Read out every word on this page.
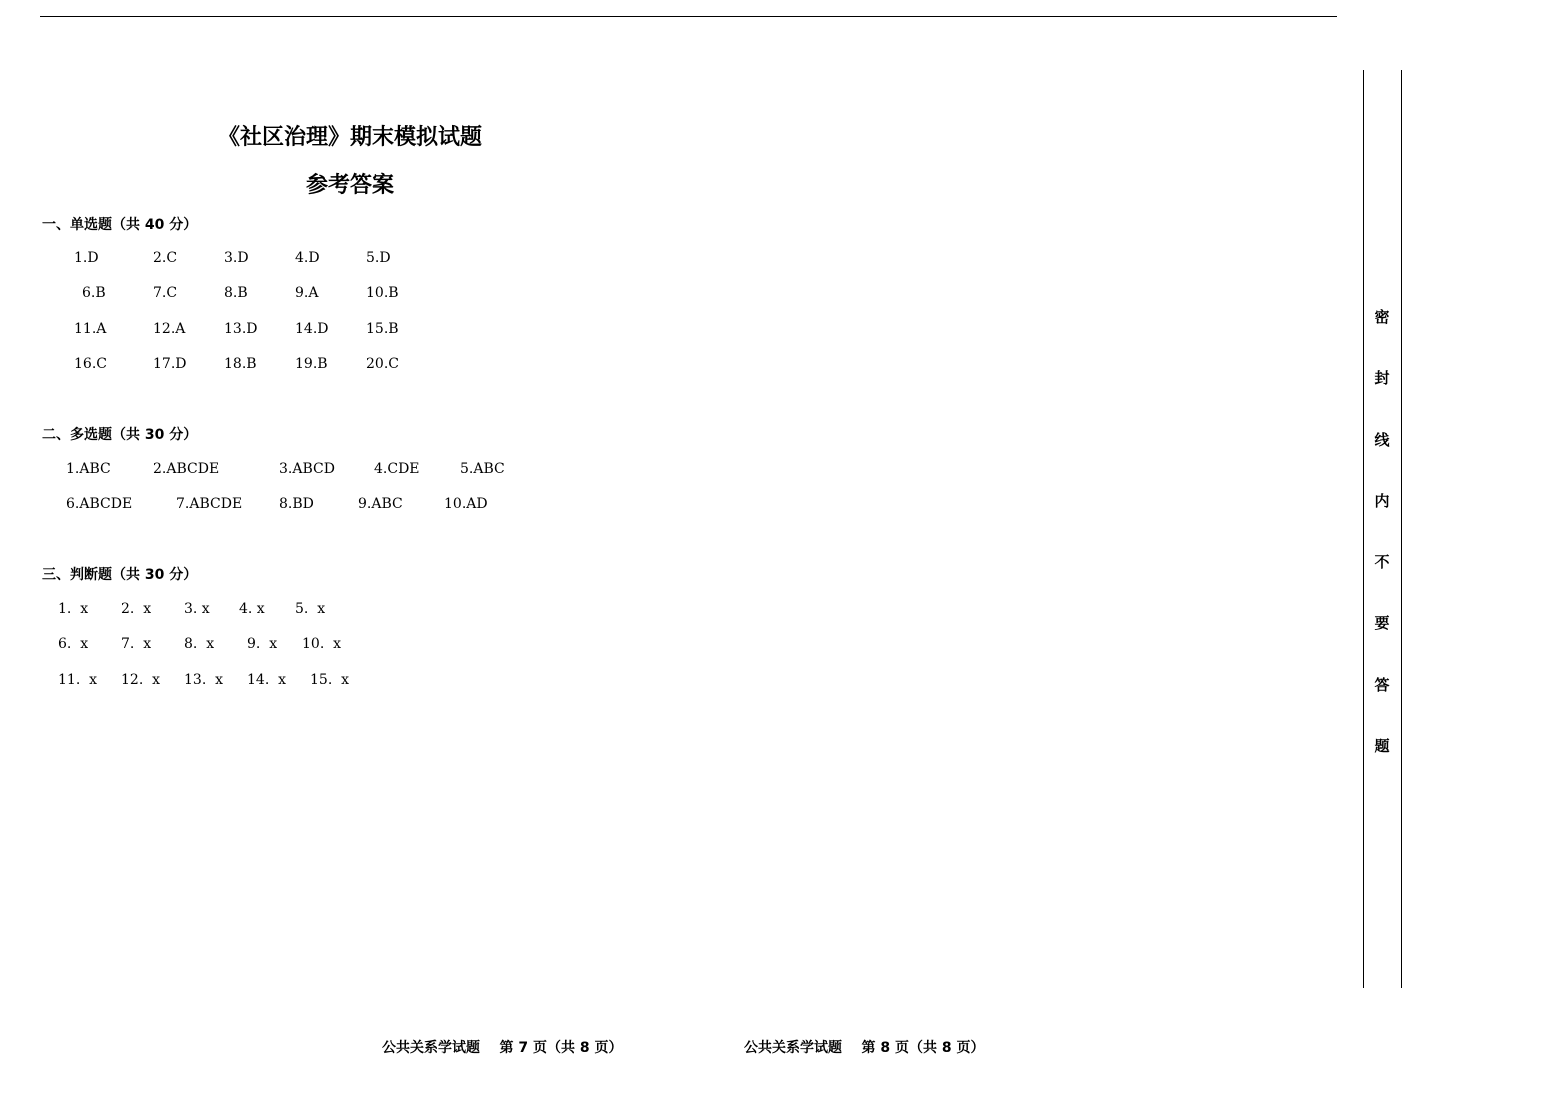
《社区治理》期末模拟试题
参考答案
一、单选题（共 40 分）
1.D	2.C	3.D	4.D	5.D
6.B	7.C	8.B	9.A	10.B
11.A	12.A	13.D	14.D	15.B
16.C	17.D	18.B	19.B	20.C
二、多选题（共 30 分）
1.ABC	2.ABCDE	3.ABCD	4.CDE	5.ABC
6.ABCDE	7.ABCDE	8.BD	9.ABC	10.AD
三、判断题（共 30 分）
1.  x 2.  x 3. x 4. x 5.  x
6.  x 7.  x 8.  x 9.  x 10.  x
11.  x 12.  x 13.  x 14.  x 15.  x
密
封
线
内
不
要
答
题
公共关系学试题    第 7 页（共 8 页）	公共关系学试题    第 8 页（共 8 页）
